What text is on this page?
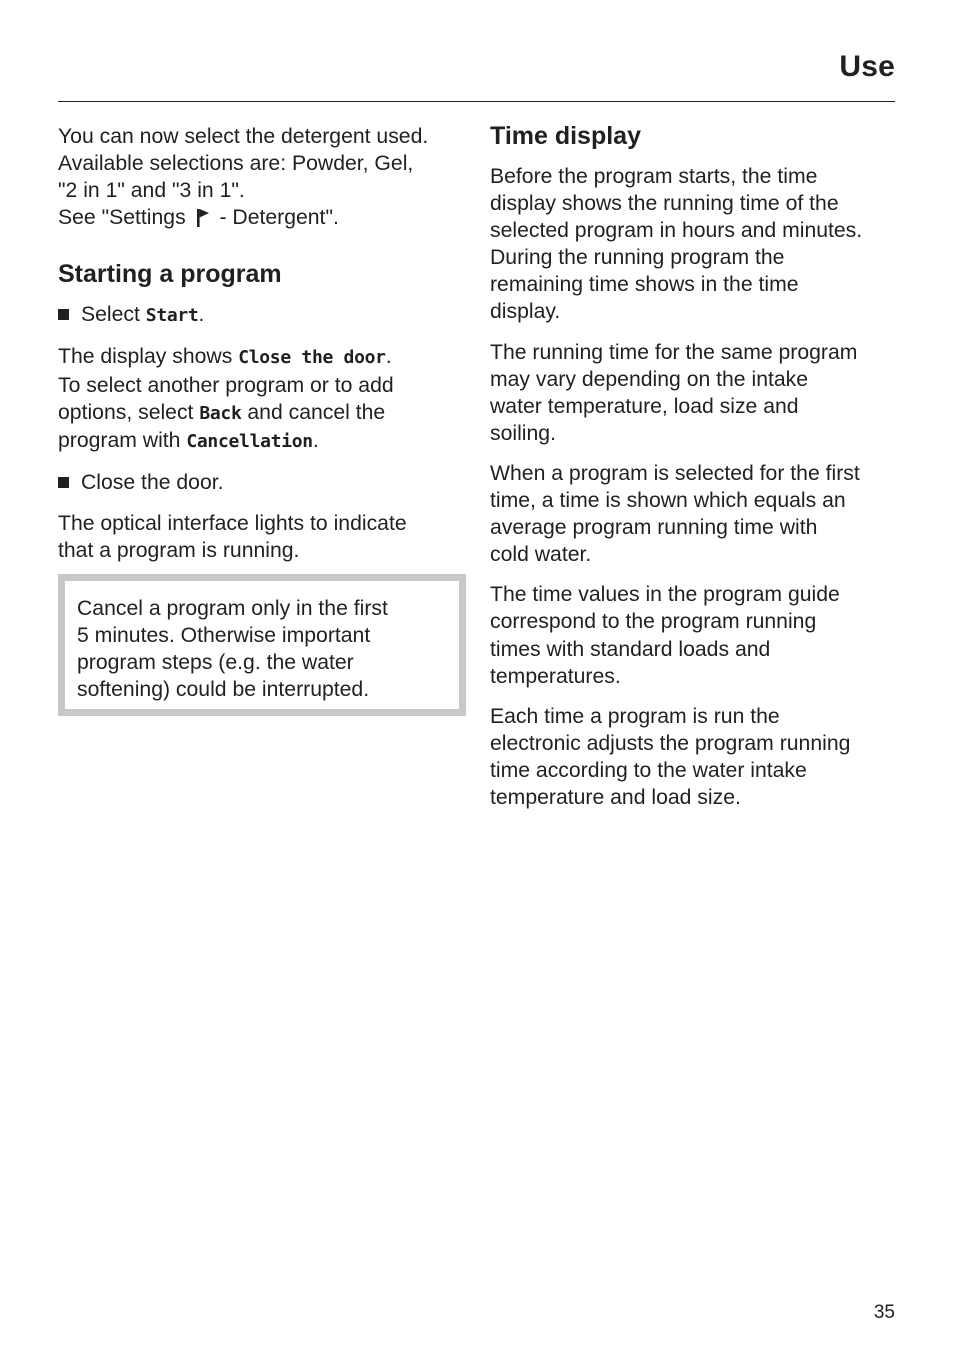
Use

You can now select the detergent used.
Available selections are: Powder, Gel,
"2 in 1" and "3 in 1".
See "Settings - Detergent".

Starting a program

Select Start.

The display shows Close the door.
To select another program or to add
options, select Back and cancel the
program with Cancellation.

Close the door.

The optical interface lights to indicate
that a program is running.

Cancel a program only in the first
5 minutes. Otherwise important
program steps (e.g. the water
softening) could be interrupted.

Time display

Before the program starts, the time
display shows the running time of the
selected program in hours and minutes.
During the running program the
remaining time shows in the time
display.

The running time for the same program
may vary depending on the intake
water temperature, load size and
soiling.

When a program is selected for the first
time, a time is shown which equals an
average program running time with
cold water.

The time values in the program guide
correspond to the program running
times with standard loads and
temperatures.

Each time a program is run the
electronic adjusts the program running
time according to the water intake
temperature and load size.

35
